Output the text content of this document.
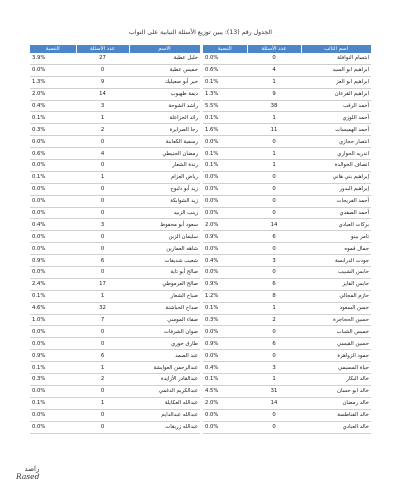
الجدول رقم (13): يبين توزيع الأسئلة النيابية على النواب
النسبة	عدد الأسئلة	اسم النائب
0.0%	0	ابتسام النوافلة
0.6%	4	ابراهيم ابو السيد
0.1%	1	ابراهيم ابو العز
1.3%	9	ابراهيم القرعان
5.5%	38	أحمد الرقب
0.1%	1	أحمد اللوزي
1.6%	11	أحمد الهميسات
0.0%	0	انتصار حجازي
0.1%	1	اندريه الحواري
0.1%	1	انصاف الخوالدة
0.0%	0	إبراهيم بني هاني
0.0%	0	إبراهيم البدور
0.0%	0	أحمد الفريحات
0.0%	0	أحمد الصفدي
2.0%	14	بركات العبادي
0.9%	6	تامر بينو
0.0%	0	جمال قموه
0.4%	3	جودت الدرابسة
0.0%	0	حابس الشبيب
0.9%	6	حابس الفايز
1.2%	8	حازم المجالي
0.1%	1	حسن السعود
0.3%	2	حسين الحجاجرة
0.0%	0	خميس الشباب
0.9%	6	حسين القيسي
0.0%	0	حمود الزواهرة
0.4%	3	حياة المسيمي
0.1%	1	خالد البكار
4.5%	31	خالد ابو حسان
2.0%	14	خالد رمضان
0.0%	0	خالد الفناطسة
0.0%	0	خالد العبادي
النسبة	عدد الأسئلة	الاسم
3.9%	27	خليل عطية
0.0%	0	خميس عطية
1.3%	9	خير أبو صعيليك
2.0%	14	ديمة طهبوب
0.4%	3	راشد الشوحة
0.1%	1	رائد الخزاعلة
0.3%	2	رجا الصرايرة
0.0%	0	رسمية الكعابنة
0.6%	4	رمضان الحنيطي
0.0%	0	رندة الشعار
0.1%	1	رياض العزام
0.0%	0	زيد أبو دلبوح
0.0%	0	زيد الشوابكة
0.0%	0	زينب الزبيد
0.4%	3	سعود أبو محفوظ
0.0%	0	سليمان الزبن
0.0%	0	شاهه العمارين
0.9%	6	شعيب شديفات
0.0%	0	صالح أبو تاية
2.4%	17	صالح العرموطي
0.1%	1	صباح الشعار
4.6%	32	صداح الحباشنة
1.0%	7	صفاء المومني
0.0%	0	صوان الشرفات
0.0%	0	طارق خوري
0.9%	6	عبد الصمد
0.1%	1	عبدالرحمن العوايشة
0.3%	2	عبدالقادر الأزايدة
0.0%	0	عبدالكريم الدغمي
0.1%	1	عبدالله العكايلة
0.0%	0	عبدالله عبدالدايم
0.0%	0	عبدالله زريقات
راصد
Rased
